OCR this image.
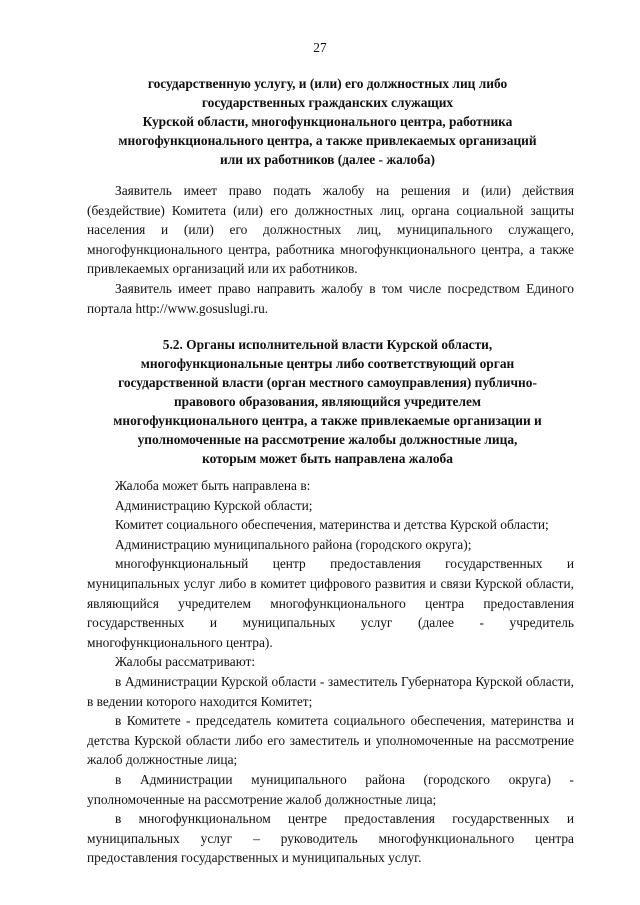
27
государственную услугу, и (или) его должностных лиц либо
государственных гражданских служащих
Курской области, многофункционального центра, работника
многофункционального центра, а также привлекаемых организаций
или их работников (далее - жалоба)

Заявитель имеет право подать жалобу на решения и (или) действия (бездействие) Комитета (или) его должностных лиц, органа социальной защиты населения и (или) его должностных лиц, муниципального служащего, многофункционального центра, работника многофункционального центра, а также привлекаемых организаций или их работников.

Заявитель имеет право направить жалобу в том числе посредством Единого портала http://www.gosuslugi.ru.

5.2. Органы исполнительной власти Курской области,
многофункциональные центры либо соответствующий орган
государственной власти (орган местного самоуправления) публично-
правового образования, являющийся учредителем
многофункционального центра, а также привлекаемые организации и
уполномоченные на рассмотрение жалобы должностные лица,
которым может быть направлена жалоба

Жалоба может быть направлена в:

Администрацию Курской области;

Комитет социального обеспечения, материнства и детства Курской области;

Администрацию муниципального района (городского округа);

многофункциональный центр предоставления государственных и муниципальных услуг либо в комитет цифрового развития и связи Курской области, являющийся учредителем многофункционального центра предоставления государственных и муниципальных услуг (далее - учредитель многофункционального центра).

Жалобы рассматривают:

в Администрации Курской области - заместитель Губернатора Курской области, в ведении которого находится Комитет;

в Комитете - председатель комитета социального обеспечения, материнства и детства Курской области либо его заместитель и уполномоченные на рассмотрение жалоб должностные лица;

в Администрации муниципального района (городского округа) - уполномоченные на рассмотрение жалоб должностные лица;

в многофункциональном центре предоставления государственных и муниципальных услуг – руководитель многофункционального центра предоставления государственных и муниципальных услуг.
